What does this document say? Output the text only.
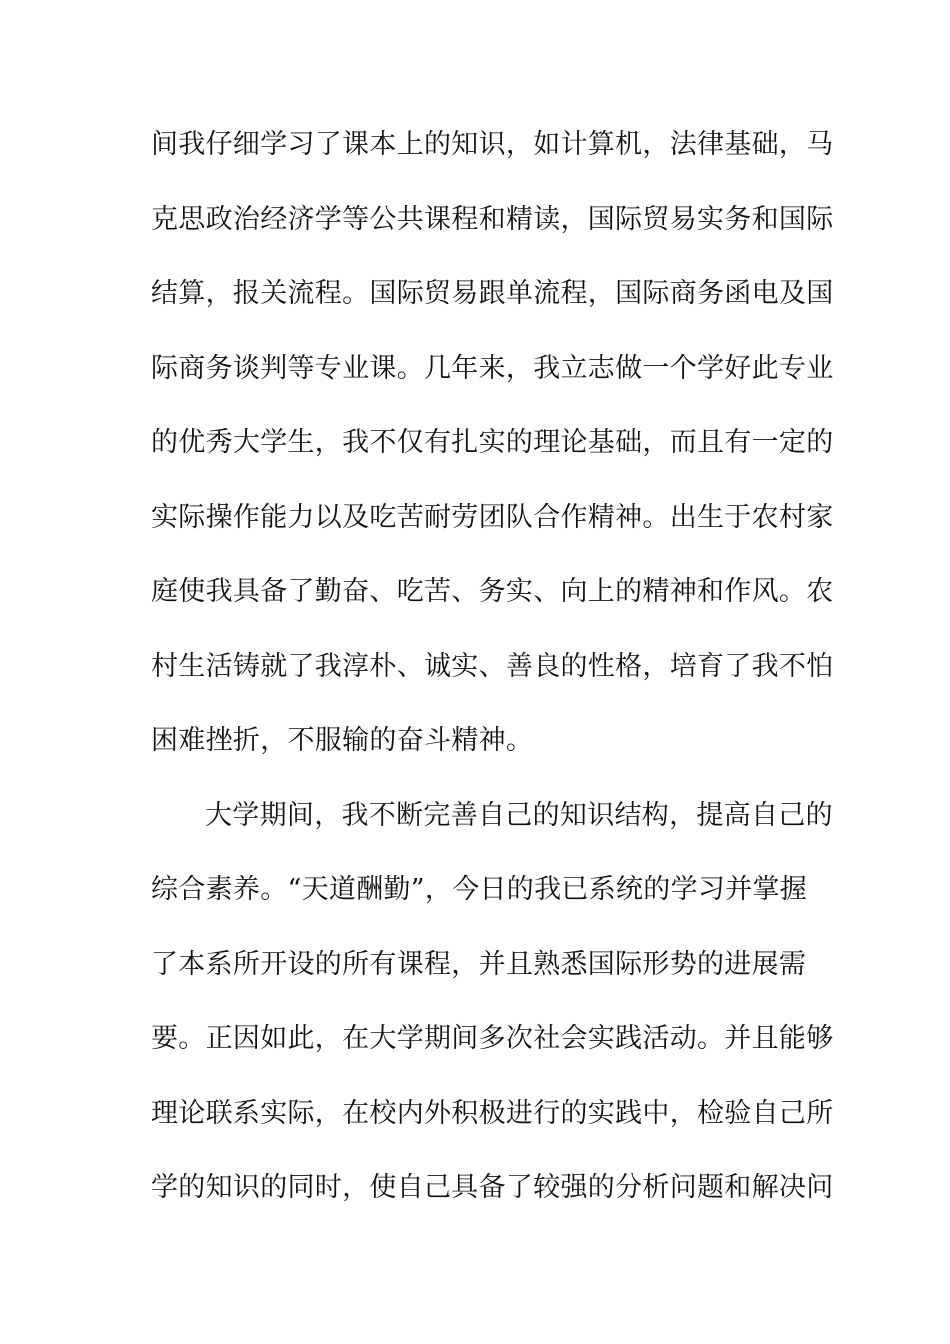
间我仔细学习了课本上的知识，如计算机，法律基础，马
克思政治经济学等公共课程和精读，国际贸易实务和国际
结算，报关流程。国际贸易跟单流程，国际商务函电及国
际商务谈判等专业课。几年来，我立志做一个学好此专业
的优秀大学生，我不仅有扎实的理论基础，而且有一定的
实际操作能力以及吃苦耐劳团队合作精神。出生于农村家
庭使我具备了勤奋、吃苦、务实、向上的精神和作风。农
村生活铸就了我淳朴、诚实、善良的性格，培育了我不怕
困难挫折，不服输的奋斗精神。
大学期间，我不断完善自己的知识结构，提高自己的
综合素养。“天道酬勤”，今日的我已系统的学习并掌握
了本系所开设的所有课程，并且熟悉国际形势的进展需
要。正因如此，在大学期间多次社会实践活动。并且能够
理论联系实际，在校内外积极进行的实践中，检验自己所
学的知识的同时，使自己具备了较强的分析问题和解决问
